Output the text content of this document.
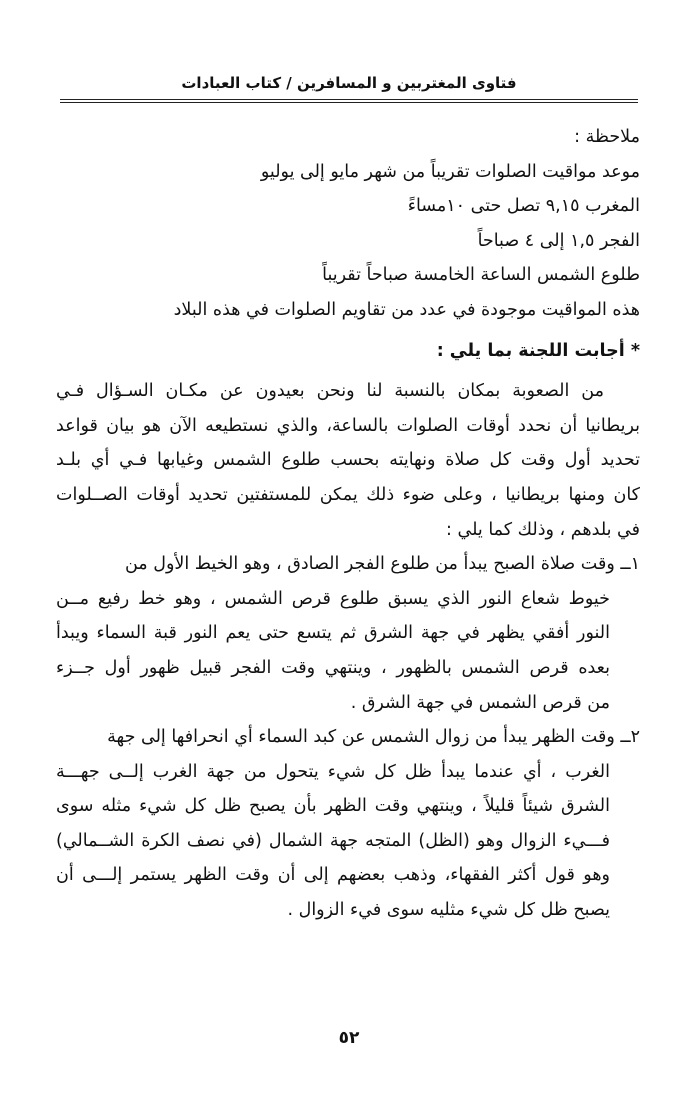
فتاوى المغتربين و المسافرين / كتاب العبادات
ملاحظة :
موعد مواقيت الصلوات تقريباً من شهر مايو إلى يوليو
المغرب ٩,١٥ تصل حتى ١٠مساءً
الفجر ١,٥ إلى ٤ صباحاً
طلوع الشمس الساعة الخامسة صباحاً تقريباً
هذه المواقيت موجودة في عدد من تقاويم الصلوات في هذه البلاد
* أجابت اللجنة بما يلي :
من الصعوبة بمكان بالنسبة لنا ونحن بعيدون عن مكـان السـؤال فـي
بريطانيا أن نحدد أوقات الصلوات بالساعة، والذي نستطيعه الآن هو بيان قواعد
تحديد أول وقت كل صلاة ونهايته بحسب طلوع الشمس وغيابها فـي أي بلـد
كان ومنها بريطانيا ، وعلى ضوء ذلك يمكن للمستفتين تحديد أوقات الصــلوات
في بلدهم ، وذلك كما يلي :
١ــ وقت صلاة الصبح يبدأ من طلوع الفجر الصادق ، وهو الخيط الأول من
خيوط شعاع النور الذي يسبق طلوع قرص الشمس ، وهو خط رفيع مــن
النور أفقي يظهر في جهة الشرق ثم يتسع حتى يعم النور قبة السماء ويبدأ
بعده قرص الشمس بالظهور ، وينتهي وقت الفجر قبيل ظهور أول جــزء
من قرص الشمس في جهة الشرق .
٢ــ وقت الظهر يبدأ من زوال الشمس عن كبد السماء أي انحرافها إلى جهة
الغرب ، أي عندما يبدأ ظل كل شيء يتحول من جهة الغرب إلــى جهـــة
الشرق شيئاً قليلاً ، وينتهي وقت الظهر بأن يصبح ظل كل شيء مثله سوى
فـــيء الزوال وهو (الظل) المتجه جهة الشمال (في نصف الكرة الشــمالي)
وهو قول أكثر الفقهاء، وذهب بعضهم إلى أن وقت الظهر يستمر إلـــى أن
يصبح ظل كل شيء مثليه سوى فيء الزوال .
٥٢
